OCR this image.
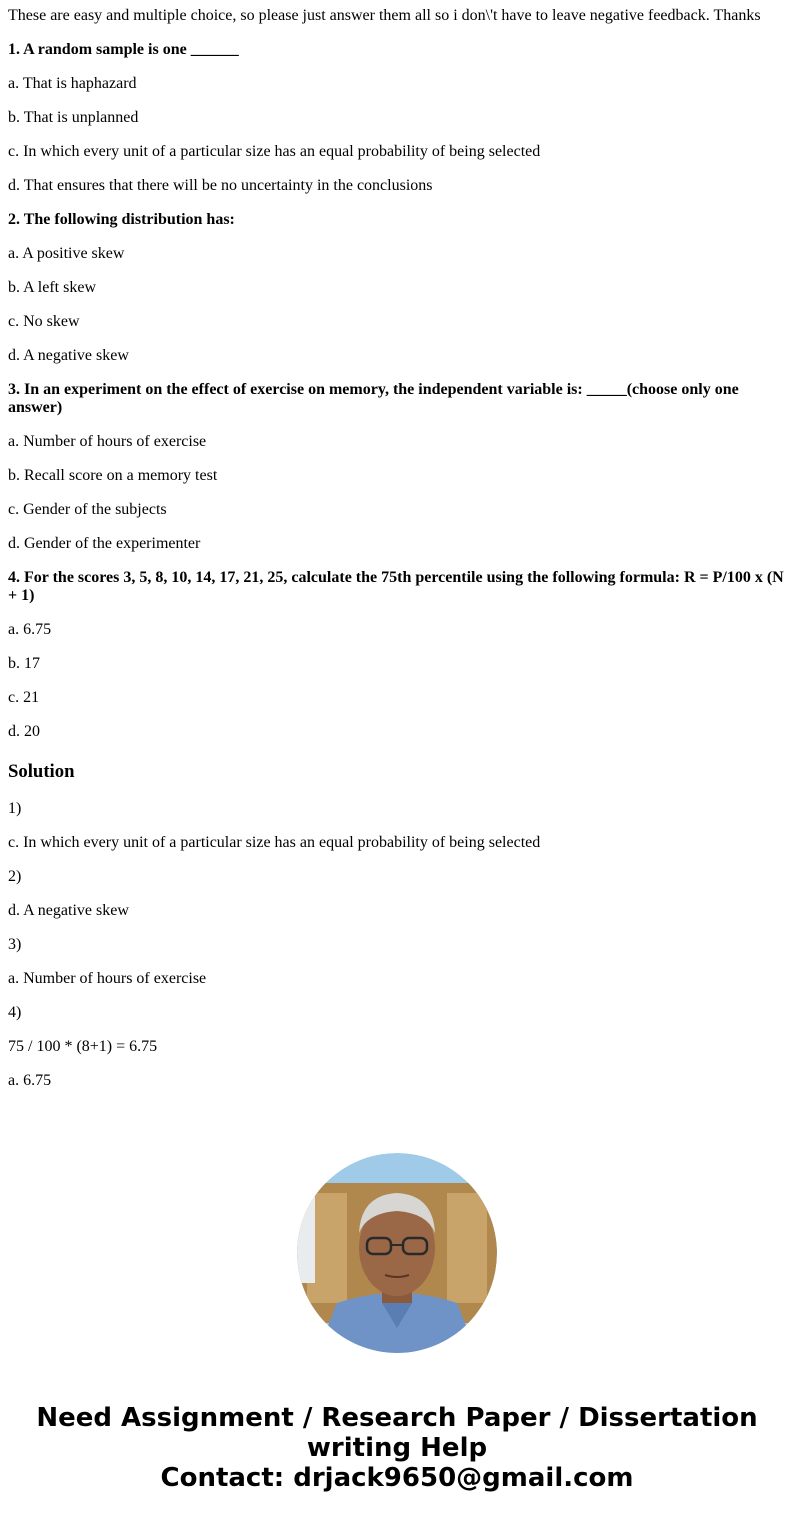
These are easy and multiple choice, so please just answer them all so i don\'t have to leave negative feedback. Thanks

1. A random sample is one ______

a. That is haphazard

b. That is unplanned

c. In which every unit of a particular size has an equal probability of being selected

d. That ensures that there will be no uncertainty in the conclusions

2. The following distribution has:

a. A positive skew

b. A left skew

c. No skew

d. A negative skew

3. In an experiment on the effect of exercise on memory, the independent variable is: _____(choose only one answer)

a. Number of hours of exercise

b. Recall score on a memory test

c. Gender of the subjects

d. Gender of the experimenter

4. For the scores 3, 5, 8, 10, 14, 17, 21, 25, calculate the 75th percentile using the following formula: R = P/100 x (N + 1)

a. 6.75

b. 17

c. 21

d. 20

Solution

1)

c. In which every unit of a particular size has an equal probability of being selected

2)

d. A negative skew

3)

a. Number of hours of exercise

4)

75 / 100 * (8+1) = 6.75

a. 6.75

Need Assignment / Research Paper / Dissertation
writing Help
Contact: drjack9650@gmail.com
